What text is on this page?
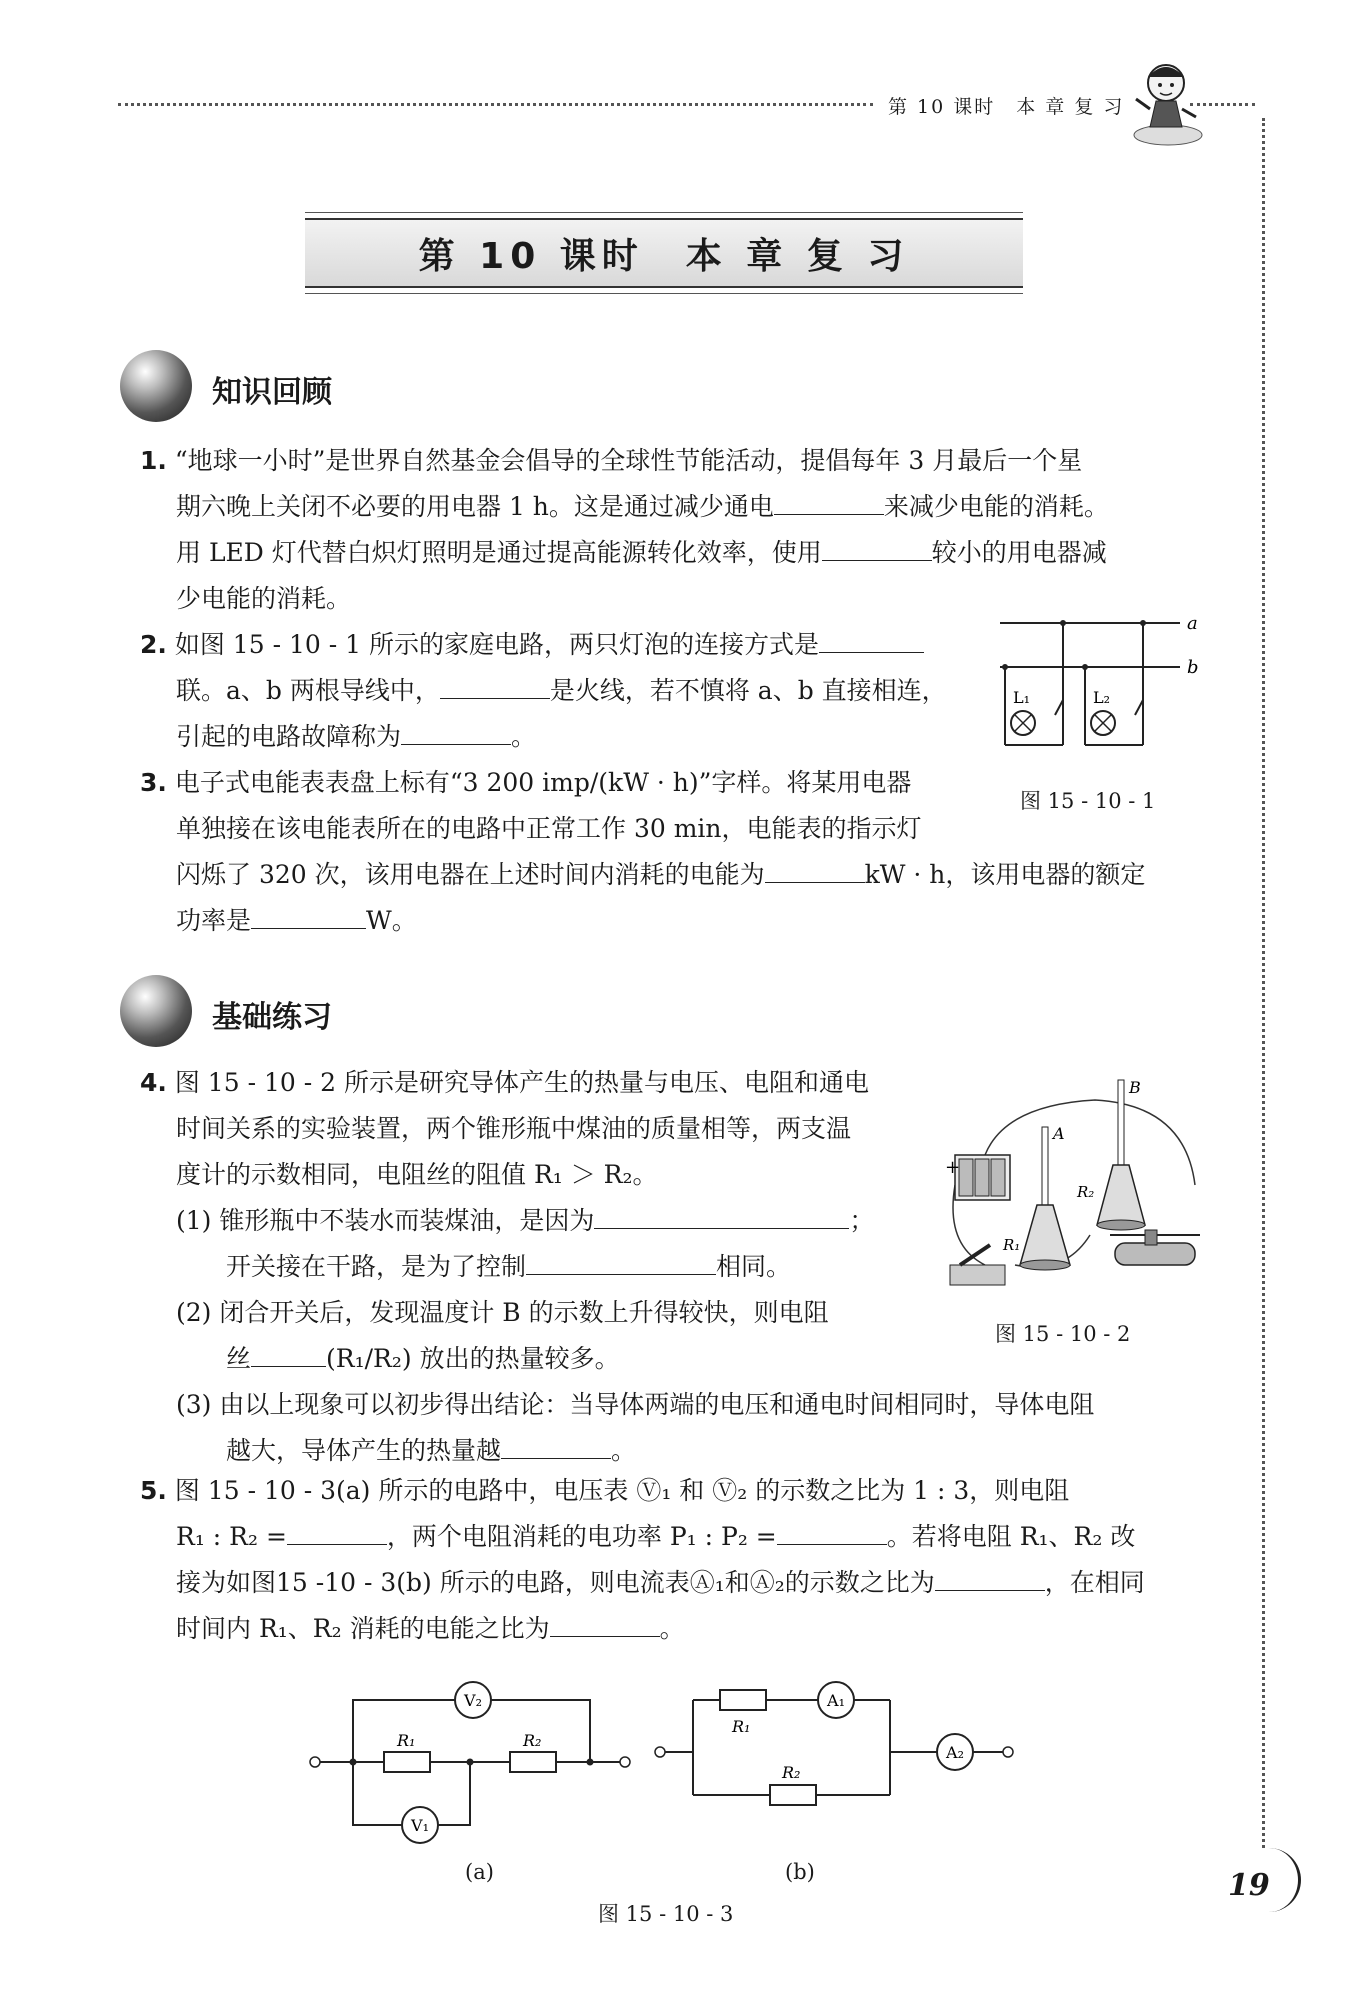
第 10 课时　本 章 复 习
第 10 课时　本 章 复 习
知识回顾
1. “地球一小时”是世界自然基金会倡导的全球性节能活动，提倡每年 3 月最后一个星
期六晚上关闭不必要的用电器 1 h。这是通过减少通电	来减少电能的消耗。
用 LED 灯代替白炽灯照明是通过提高能源转化效率，使用	较小的用电器减
少电能的消耗。
2. 如图 15 - 10 - 1 所示的家庭电路，两只灯泡的连接方式是
联。a、b 两根导线中，	是火线，若不慎将 a、b 直接相连，
引起的电路故障称为	。
a
b
L₁	L₂
图 15 - 10 - 1
3. 电子式电能表表盘上标有“3 200 imp/(kW · h)”字样。将某用电器
单独接在该电能表所在的电路中正常工作 30 min，电能表的指示灯
闪烁了 320 次，该用电器在上述时间内消耗的电能为	kW · h，该用电器的额定
功率是	W。
基础练习
4. 图 15 - 10 - 2 所示是研究导体产生的热量与电压、电阻和通电
时间关系的实验装置，两个锥形瓶中煤油的质量相等，两支温
度计的示数相同，电阻丝的阻值 R₁ ＞ R₂。
(1) 锥形瓶中不装水而装煤油，是因为	；
开关接在干路，是为了控制	相同。
(2) 闭合开关后，发现温度计 B 的示数上升得较快，则电阻
丝	(R₁/R₂) 放出的热量较多。
(3) 由以上现象可以初步得出结论：当导体两端的电压和通电时间相同时，导体电阻
越大，导体产生的热量越	。
+
A
B
R₂
R₁
图 15 - 10 - 2
5. 图 15 - 10 - 3(a) 所示的电路中，电压表 Ⓥ₁ 和 Ⓥ₂ 的示数之比为 1 : 3，则电阻
R₁ : R₂ =	，两个电阻消耗的电功率 P₁ : P₂ =	。若将电阻 R₁、R₂ 改
接为如图15 -10 - 3(b) 所示的电路，则电流表Ⓐ₁和Ⓐ₂的示数之比为	，在相同
时间内 R₁、R₂ 消耗的电能之比为	。
V₂
V₁
R₁	R₂
(a)
A₁
A₂
R₁
R₂
(b)
图 15 - 10 - 3
19
